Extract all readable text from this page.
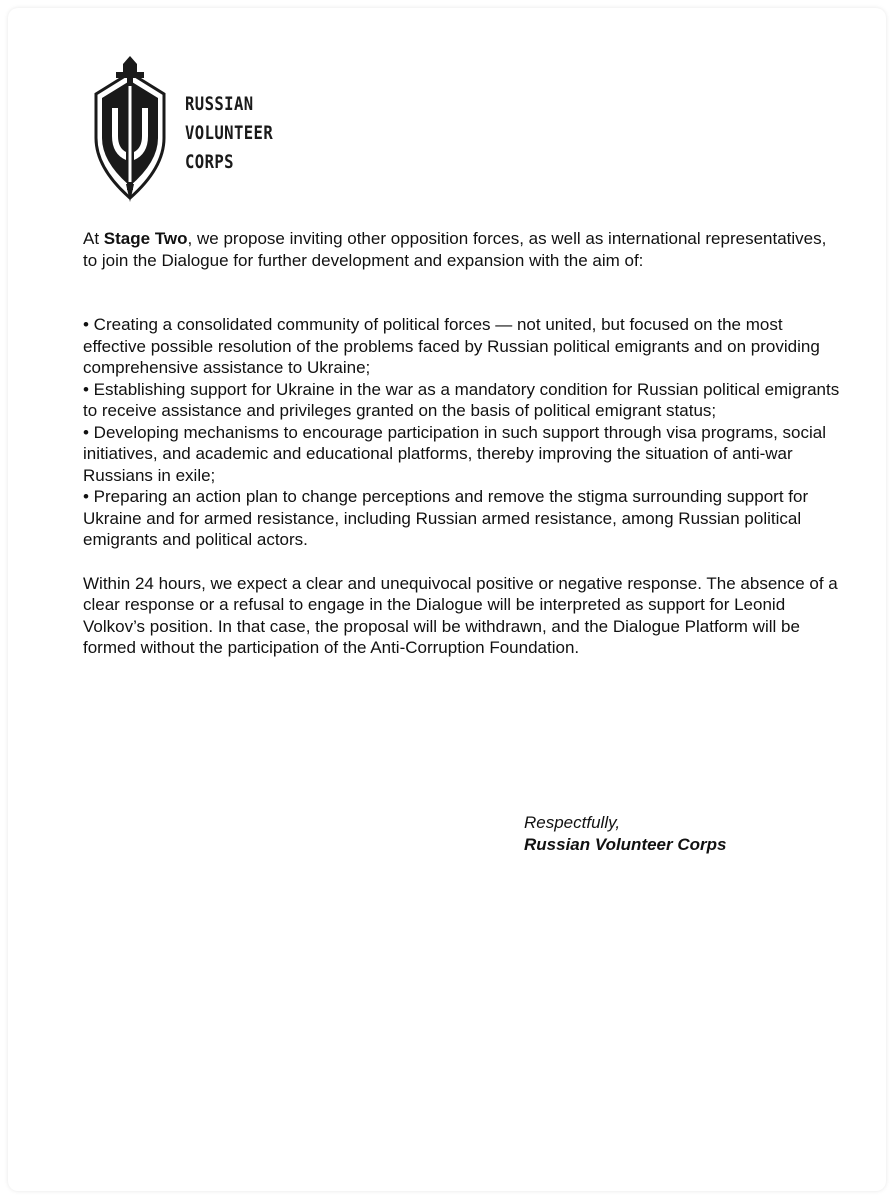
RUSSIAN
VOLUNTEER
CORPS

At Stage Two, we propose inviting other opposition forces, as well as international representatives, to join the Dialogue for further development and expansion with the aim of:

• Creating a consolidated community of political forces — not united, but focused on the most effective possible resolution of the problems faced by Russian political emigrants and on providing comprehensive assistance to Ukraine;
• Establishing support for Ukraine in the war as a mandatory condition for Russian political emigrants to receive assistance and privileges granted on the basis of political emigrant status;
• Developing mechanisms to encourage participation in such support through visa programs, social initiatives, and academic and educational platforms, thereby improving the situation of anti-war Russians in exile;
• Preparing an action plan to change perceptions and remove the stigma surrounding support for Ukraine and for armed resistance, including Russian armed resistance, among Russian political emigrants and political actors.

Within 24 hours, we expect a clear and unequivocal positive or negative response. The absence of a clear response or a refusal to engage in the Dialogue will be interpreted as support for Leonid Volkov’s position. In that case, the proposal will be withdrawn, and the Dialogue Platform will be formed without the participation of the Anti-Corruption Foundation.

Respectfully,
Russian Volunteer Corps
